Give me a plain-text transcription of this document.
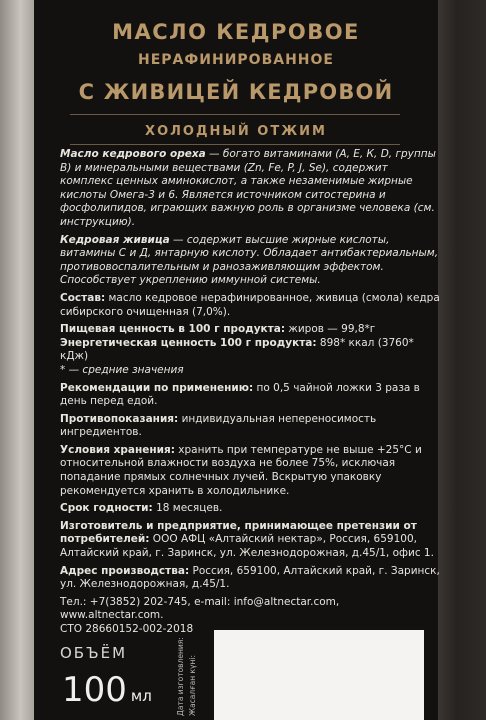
МАСЛО КЕДРОВОЕ
НЕРАФИНИРОВАННОЕ
С ЖИВИЦЕЙ КЕДРОВОЙ
ХОЛОДНЫЙ ОТЖИМ

Масло кедрового ореха — богато витаминами (А, Е, К, D, группы В) и минеральными веществами (Zn, Fe, P, J, Se), содержит комплекс ценных аминокислот, а также незаменимые жирные кислоты Омега-3 и 6. Является источником ситостерина и фосфолипидов, играющих важную роль в организме человека (см. инструкцию).

Кедровая живица — содержит высшие жирные кислоты, витамины С и Д, янтарную кислоту. Обладает антибактериальным, противовоспалительным и ранозаживляющим эффектом. Способствует укреплению иммунной системы.

Состав: масло кедровое нерафинированное, живица (смола) кедра сибирского очищенная (7,0%).

Пищевая ценность в 100 г продукта: жиров — 99,8*г

Энергетическая ценность 100 г продукта: 898* ккал (3760* кДж)

* — средние значения

Рекомендации по применению: по 0,5 чайной ложки 3 раза в день перед едой.

Противопоказания: индивидуальная непереносимость ингредиентов.

Условия хранения: хранить при температуре не выше +25°С и относительной влажности воздуха не более 75%, исключая попадание прямых солнечных лучей. Вскрытую упаковку рекомендуется хранить в холодильнике.

Срок годности: 18 месяцев.

Изготовитель и предприятие, принимающее претензии от потребителей: ООО АФЦ «Алтайский нектар», Россия, 659100, Алтайский край, г. Заринск, ул. Железнодорожная, д.45/1, офис 1.

Адрес производства: Россия, 659100, Алтайский край, г. Заринск, ул. Железнодорожная, д.45/1.

Тел.: +7(3852) 202-745, e-mail: info@altnectar.com, www.altnectar.com.

СТО 28660152-002-2018

ОБЪЁМ
100 мл	Дата изготовления: Жасалған күні:
